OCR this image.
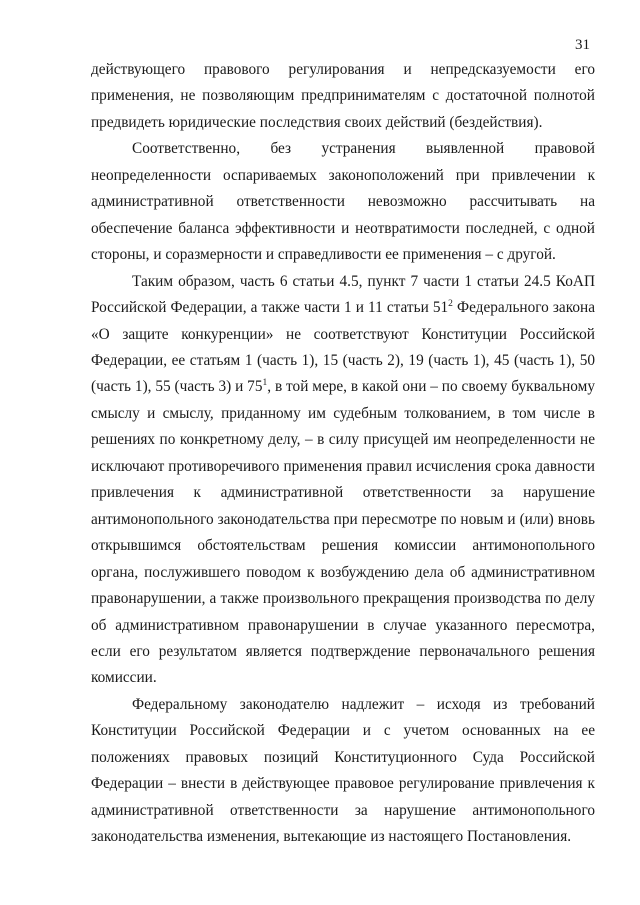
31

действующего правового регулирования и непредсказуемости его применения, не позволяющим предпринимателям с достаточной полнотой предвидеть юридические последствия своих действий (бездействия).

Соответственно, без устранения выявленной правовой неопределенности оспариваемых законоположений при привлечении к административной ответственности невозможно рассчитывать на обеспечение баланса эффективности и неотвратимости последней, с одной стороны, и соразмерности и справедливости ее применения – с другой.

Таким образом, часть 6 статьи 4.5, пункт 7 части 1 статьи 24.5 КоАП Российской Федерации, а также части 1 и 11 статьи $51^2$ Федерального закона «О защите конкуренции» не соответствуют Конституции Российской Федерации, ее статьям 1 (часть 1), 15 (часть 2), 19 (часть 1), 45 (часть 1), 50 (часть 1), 55 (часть 3) и $75^1$, в той мере, в какой они – по своему буквальному смыслу и смыслу, приданному им судебным толкованием, в том числе в решениях по конкретному делу, – в силу присущей им неопределенности не исключают противоречивого применения правил исчисления срока давности привлечения к административной ответственности за нарушение антимонопольного законодательства при пересмотре по новым и (или) вновь открывшимся обстоятельствам решения комиссии антимонопольного органа, послужившего поводом к возбуждению дела об административном правонарушении, а также произвольного прекращения производства по делу об административном правонарушении в случае указанного пересмотра, если его результатом является подтверждение первоначального решения комиссии.

Федеральному законодателю надлежит – исходя из требований Конституции Российской Федерации и с учетом основанных на ее положениях правовых позиций Конституционного Суда Российской Федерации – внести в действующее правовое регулирование привлечения к административной ответственности за нарушение антимонопольного законодательства изменения, вытекающие из настоящего Постановления.
